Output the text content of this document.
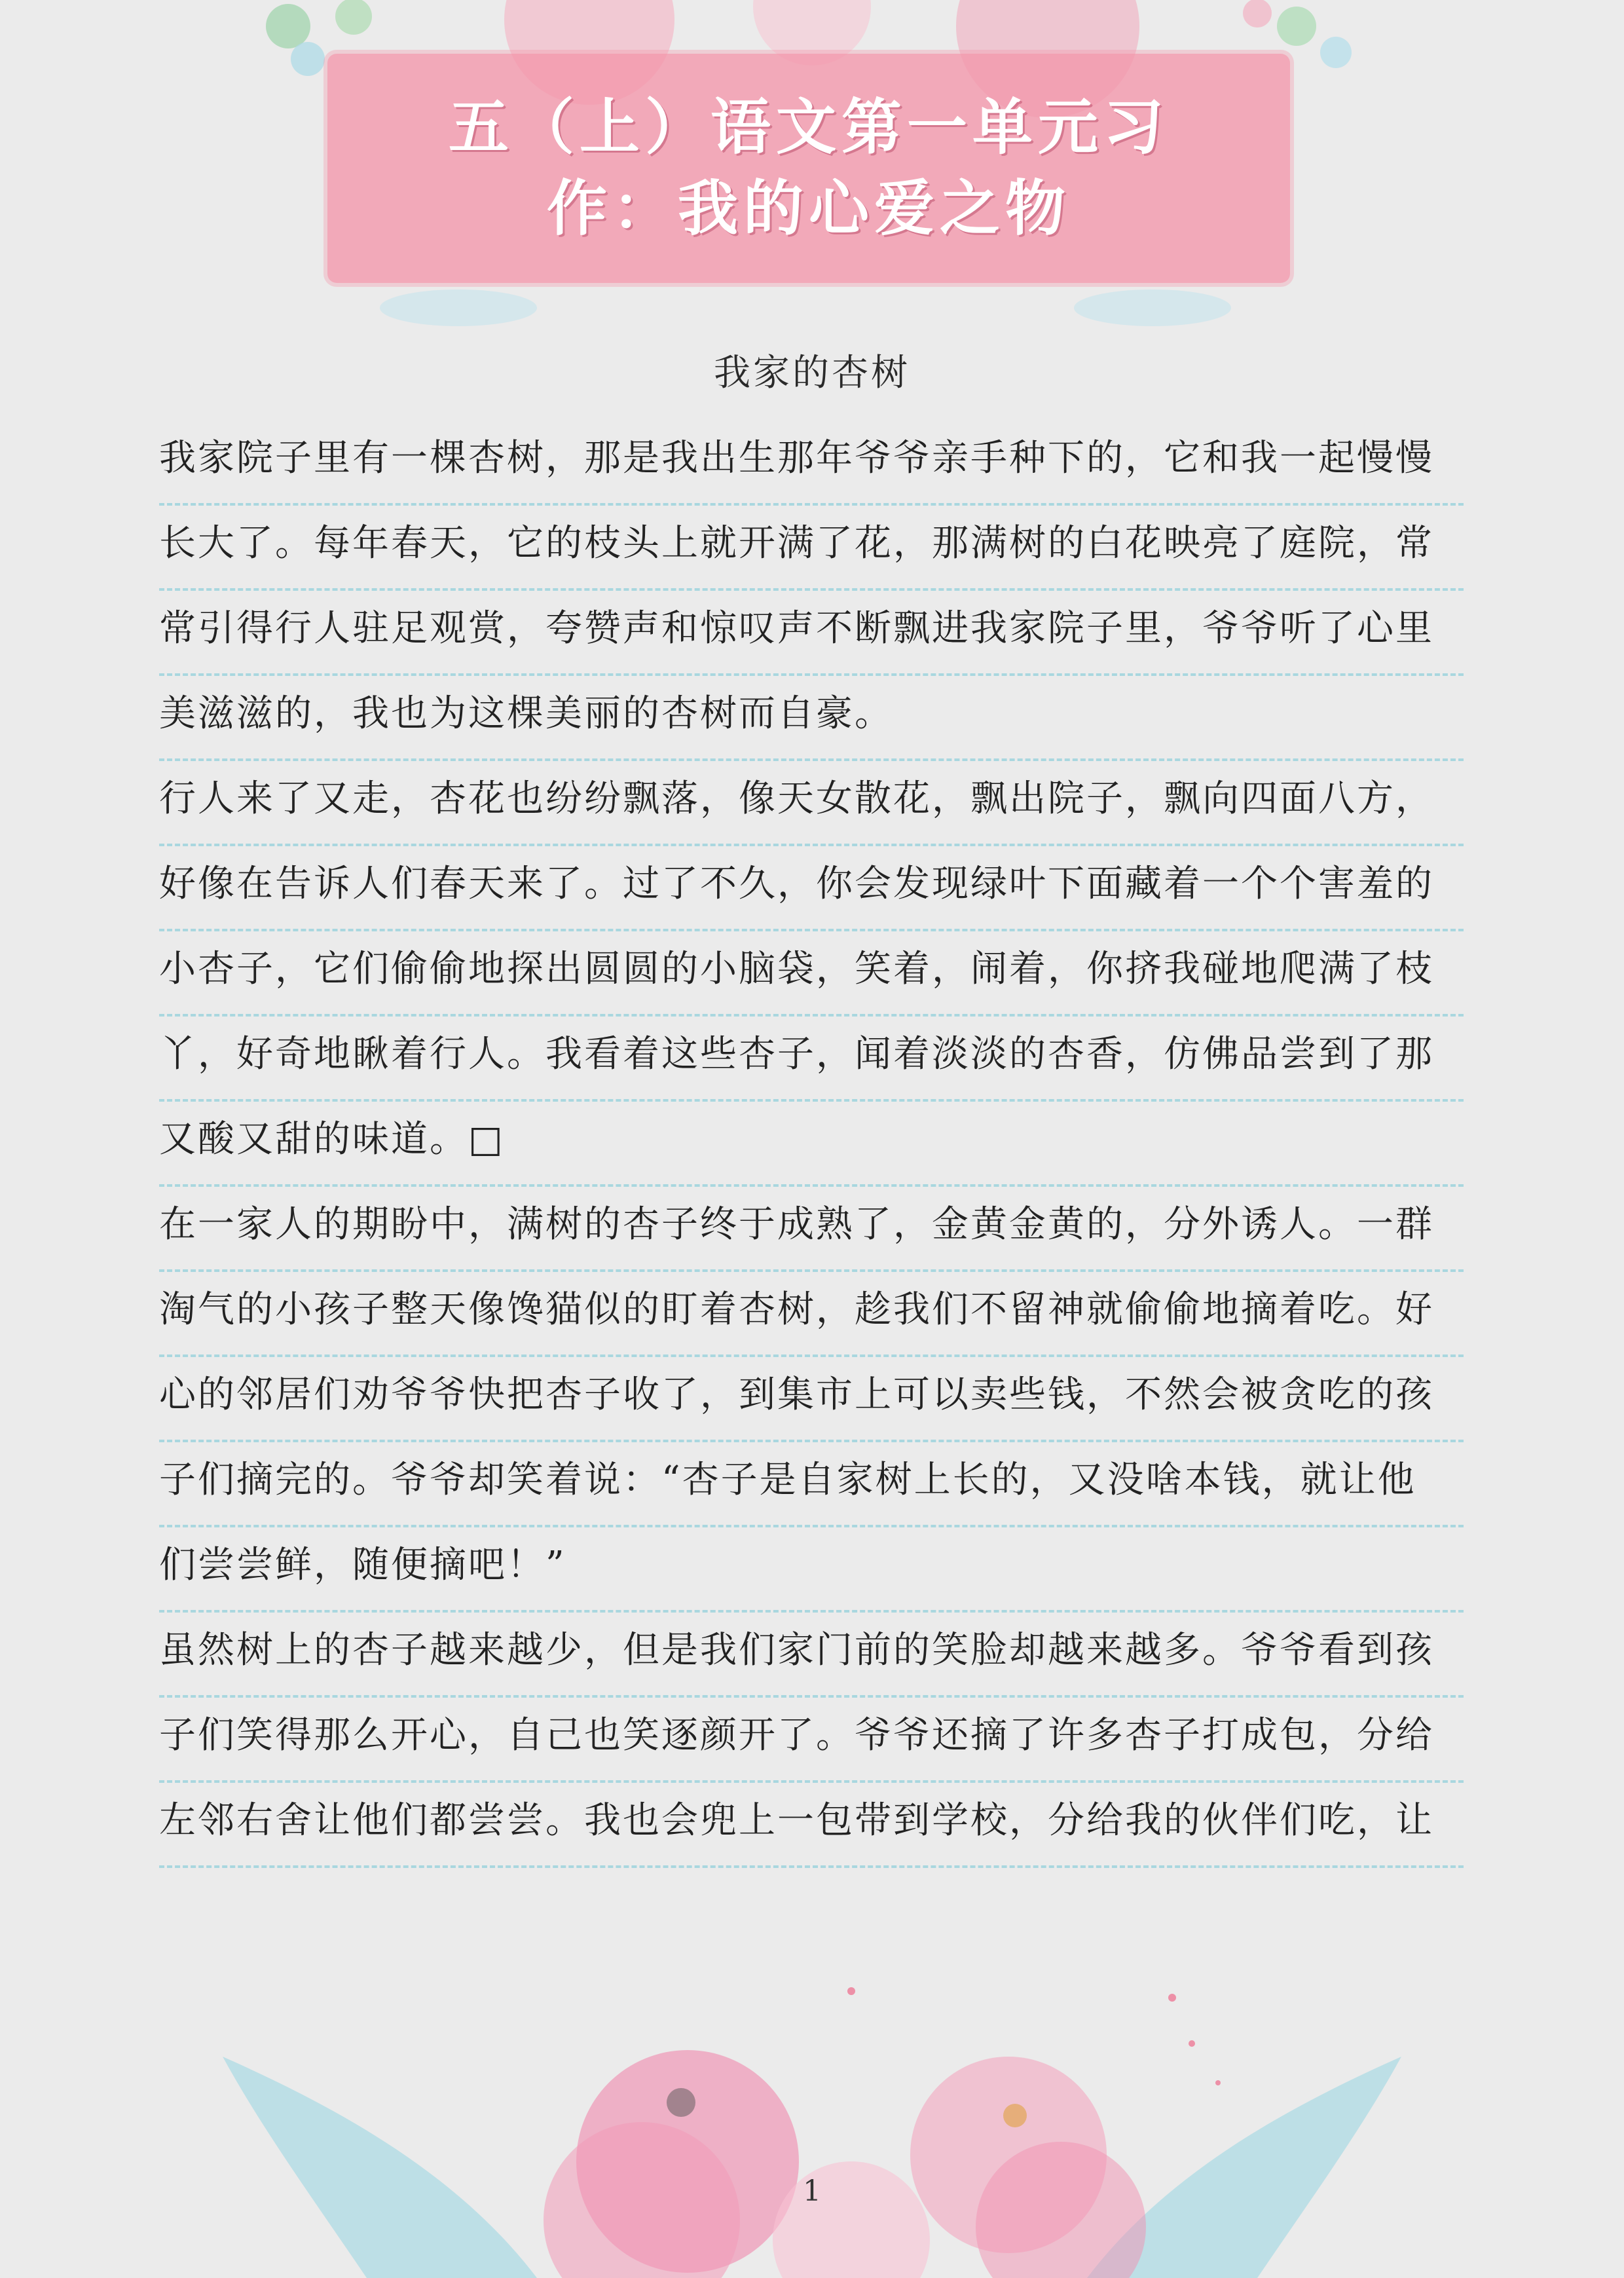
五（上）语文第一单元习
作：我的心爱之物
我家的杏树
我家院子里有一棵杏树，那是我出生那年爷爷亲手种下的，它和我一起慢慢
长大了。每年春天，它的枝头上就开满了花，那满树的白花映亮了庭院，常
常引得行人驻足观赏，夸赞声和惊叹声不断飘进我家院子里，爷爷听了心里
美滋滋的，我也为这棵美丽的杏树而自豪。
行人来了又走，杏花也纷纷飘落，像天女散花，飘出院子，飘向四面八方，
好像在告诉人们春天来了。过了不久，你会发现绿叶下面藏着一个个害羞的
小杏子，它们偷偷地探出圆圆的小脑袋，笑着，闹着，你挤我碰地爬满了枝
丫，好奇地瞅着行人。我看着这些杏子，闻着淡淡的杏香，仿佛品尝到了那
又酸又甜的味道。□
在一家人的期盼中，满树的杏子终于成熟了，金黄金黄的，分外诱人。一群
淘气的小孩子整天像馋猫似的盯着杏树，趁我们不留神就偷偷地摘着吃。好
心的邻居们劝爷爷快把杏子收了，到集市上可以卖些钱，不然会被贪吃的孩
子们摘完的。爷爷却笑着说：“杏子是自家树上长的，又没啥本钱，就让他
们尝尝鲜，随便摘吧！”
虽然树上的杏子越来越少，但是我们家门前的笑脸却越来越多。爷爷看到孩
子们笑得那么开心，自己也笑逐颜开了。爷爷还摘了许多杏子打成包，分给
左邻右舍让他们都尝尝。我也会兜上一包带到学校，分给我的伙伴们吃，让
1
